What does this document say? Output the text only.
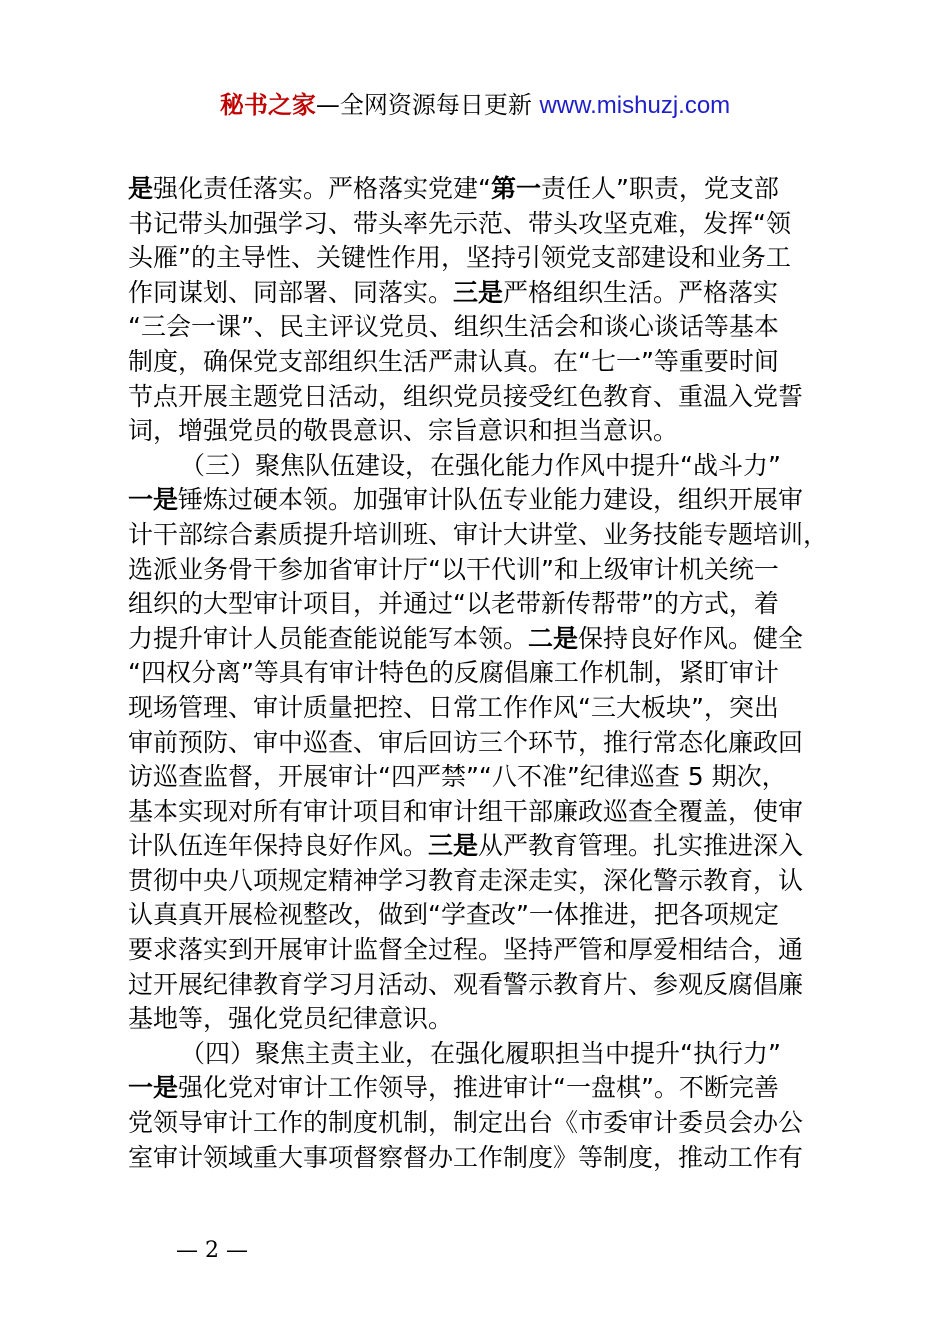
秘书之家—全网资源每日更新 www.mishuzj.com
是强化责任落实。严格落实党建“第一责任人”职责，党支部
书记带头加强学习、带头率先示范、带头攻坚克难，发挥“领
头雁”的主导性、关键性作用，坚持引领党支部建设和业务工
作同谋划、同部署、同落实。三是严格组织生活。严格落实
“三会一课”、民主评议党员、组织生活会和谈心谈话等基本
制度，确保党支部组织生活严肃认真。在“七一”等重要时间
节点开展主题党日活动，组织党员接受红色教育、重温入党誓
词，增强党员的敬畏意识、宗旨意识和担当意识。
（三）聚焦队伍建设，在强化能力作风中提升“战斗力”
一是锤炼过硬本领。加强审计队伍专业能力建设，组织开展审
计干部综合素质提升培训班、审计大讲堂、业务技能专题培训，
选派业务骨干参加省审计厅“以干代训”和上级审计机关统一
组织的大型审计项目，并通过“以老带新传帮带”的方式，着
力提升审计人员能查能说能写本领。二是保持良好作风。健全
“四权分离”等具有审计特色的反腐倡廉工作机制，紧盯审计
现场管理、审计质量把控、日常工作作风“三大板块”，突出
审前预防、审中巡查、审后回访三个环节，推行常态化廉政回
访巡查监督，开展审计“四严禁”“八不准”纪律巡查 5 期次，
基本实现对所有审计项目和审计组干部廉政巡查全覆盖，使审
计队伍连年保持良好作风。三是从严教育管理。扎实推进深入
贯彻中央八项规定精神学习教育走深走实，深化警示教育，认
认真真开展检视整改，做到“学查改”一体推进，把各项规定
要求落实到开展审计监督全过程。坚持严管和厚爱相结合，通
过开展纪律教育学习月活动、观看警示教育片、参观反腐倡廉
基地等，强化党员纪律意识。
（四）聚焦主责主业，在强化履职担当中提升“执行力”
一是强化党对审计工作领导，推进审计“一盘棋”。不断完善
党领导审计工作的制度机制，制定出台《市委审计委员会办公
室审计领域重大事项督察督办工作制度》等制度，推动工作有
— 2 —
